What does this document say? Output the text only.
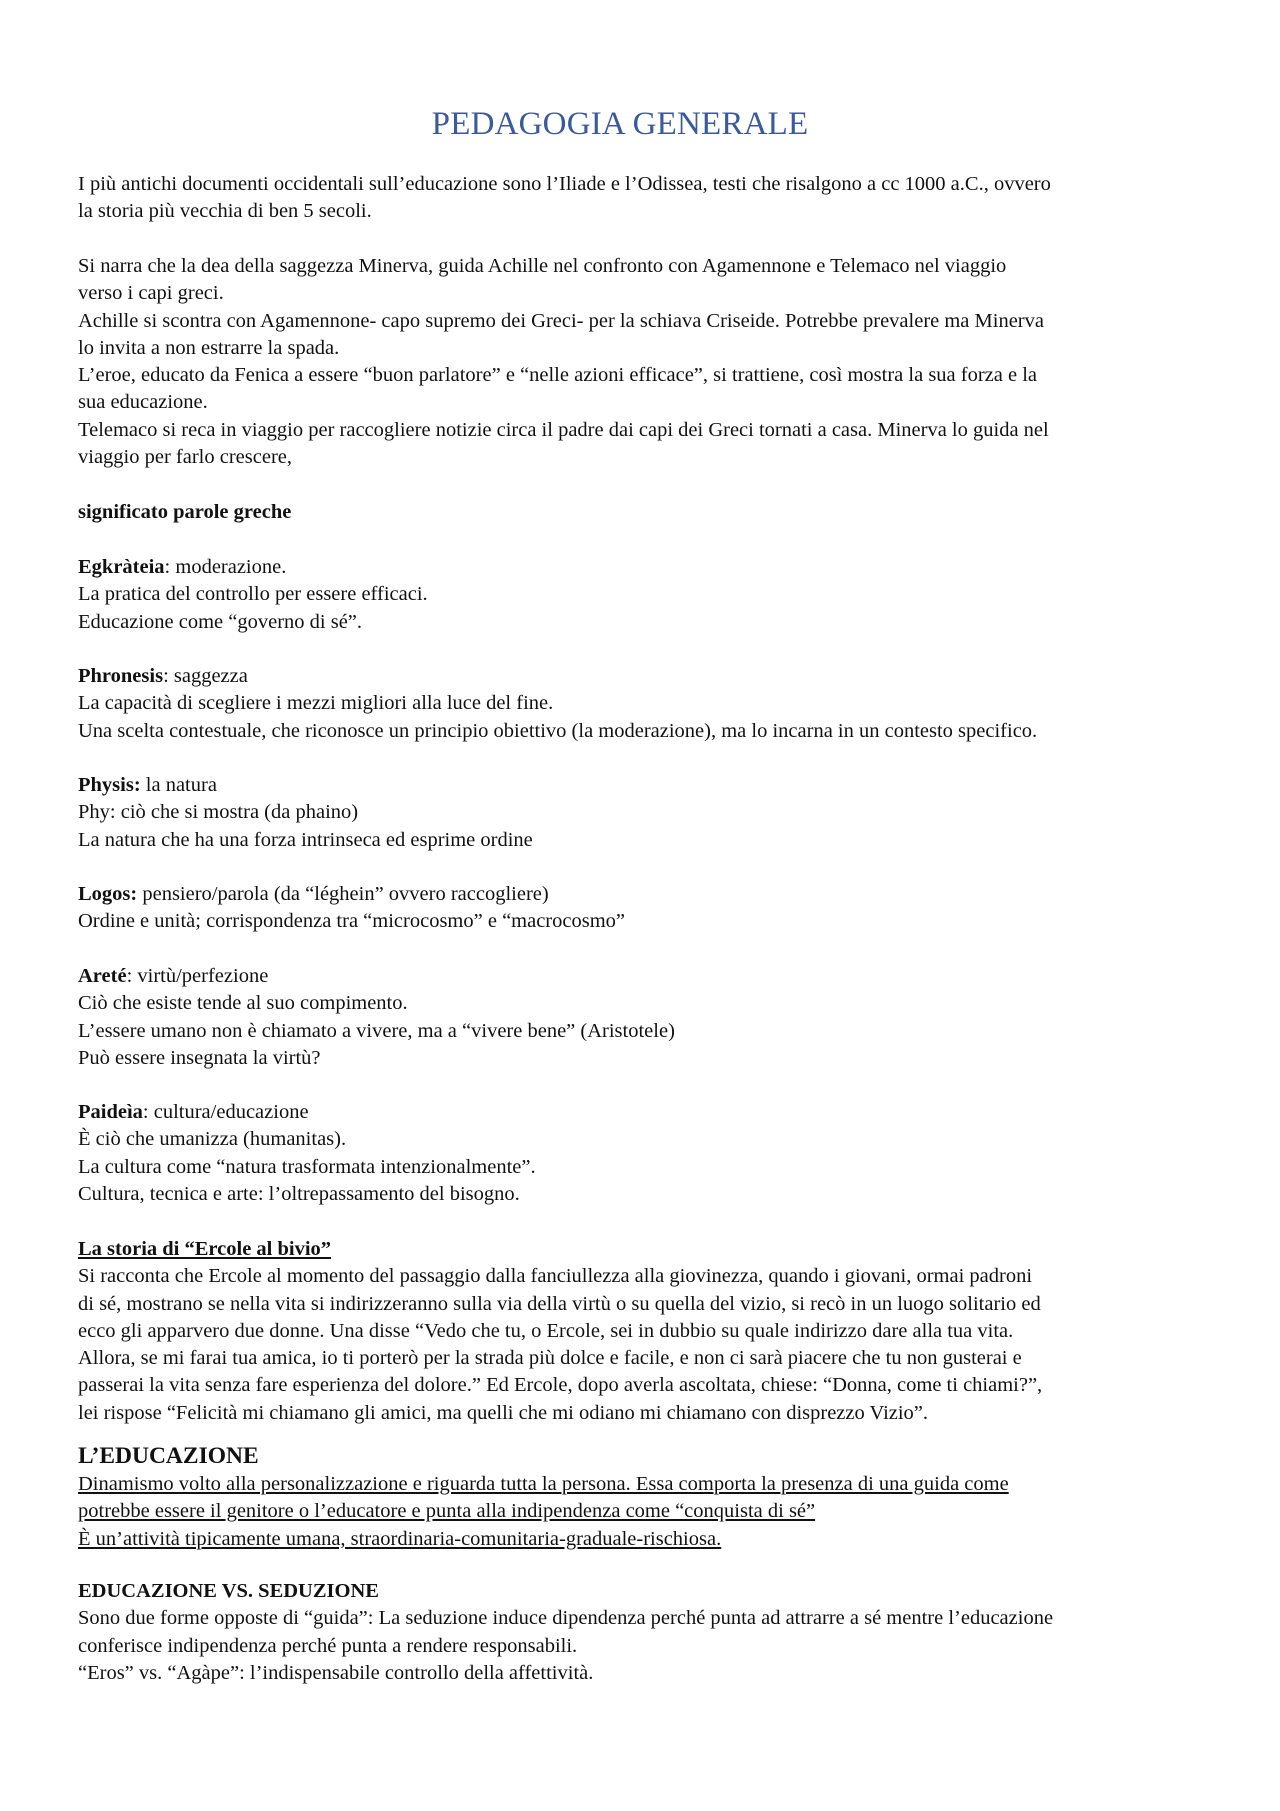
PEDAGOGIA GENERALE
I più antichi documenti occidentali sull’educazione sono l’Iliade e l’Odissea, testi che risalgono a cc 1000 a.C., ovvero
la storia più vecchia di ben 5 secoli.
Si narra che la dea della saggezza Minerva, guida Achille nel confronto con Agamennone e Telemaco nel viaggio
verso i capi greci.
Achille si scontra con Agamennone- capo supremo dei Greci- per la schiava Criseide. Potrebbe prevalere ma Minerva
lo invita a non estrarre la spada.
L’eroe, educato da Fenica a essere “buon parlatore” e “nelle azioni efficace”, si trattiene, così mostra la sua forza e la
sua educazione.
Telemaco si reca in viaggio per raccogliere notizie circa il padre dai capi dei Greci tornati a casa. Minerva lo guida nel
viaggio per farlo crescere,
significato parole greche
Egkràteia: moderazione.
La pratica del controllo per essere efficaci.
Educazione come “governo di sé”.
Phronesis: saggezza
La capacità di scegliere i mezzi migliori alla luce del fine.
Una scelta contestuale, che riconosce un principio obiettivo (la moderazione), ma lo incarna in un contesto specifico.
Physis: la natura
Phy: ciò che si mostra (da phaino)
La natura che ha una forza intrinseca ed esprime ordine
Logos: pensiero/parola (da “léghein” ovvero raccogliere)
Ordine e unità; corrispondenza tra “microcosmo” e “macrocosmo”
Areté: virtù/perfezione
Ciò che esiste tende al suo compimento.
L’essere umano non è chiamato a vivere, ma a “vivere bene” (Aristotele)
Può essere insegnata la virtù?
Paideìa: cultura/educazione
È ciò che umanizza (humanitas).
La cultura come “natura trasformata intenzionalmente”.
Cultura, tecnica e arte: l’oltrepassamento del bisogno.
La storia di “Ercole al bivio”
Si racconta che Ercole al momento del passaggio dalla fanciullezza alla giovinezza, quando i giovani, ormai padroni
di sé, mostrano se nella vita si indirizzeranno sulla via della virtù o su quella del vizio, si recò in un luogo solitario ed
ecco gli apparvero due donne. Una disse “Vedo che tu, o Ercole, sei in dubbio su quale indirizzo dare alla tua vita.
Allora, se mi farai tua amica, io ti porterò per la strada più dolce e facile, e non ci sarà piacere che tu non gusterai e
passerai la vita senza fare esperienza del dolore.” Ed Ercole, dopo averla ascoltata, chiese: “Donna, come ti chiami?”,
lei rispose “Felicità mi chiamano gli amici, ma quelli che mi odiano mi chiamano con disprezzo Vizio”.
L’EDUCAZIONE
Dinamismo volto alla personalizzazione e riguarda tutta la persona. Essa comporta la presenza di una guida come
potrebbe essere il genitore o l’educatore e punta alla indipendenza come “conquista di sé”
È un’attività tipicamente umana, straordinaria-comunitaria-graduale-rischiosa.
EDUCAZIONE VS. SEDUZIONE
Sono due forme opposte di “guida”: La seduzione induce dipendenza perché punta ad attrarre a sé mentre l’educazione
conferisce indipendenza perché punta a rendere responsabili.
“Eros” vs. “Agàpe”: l’indispensabile controllo della affettività.
